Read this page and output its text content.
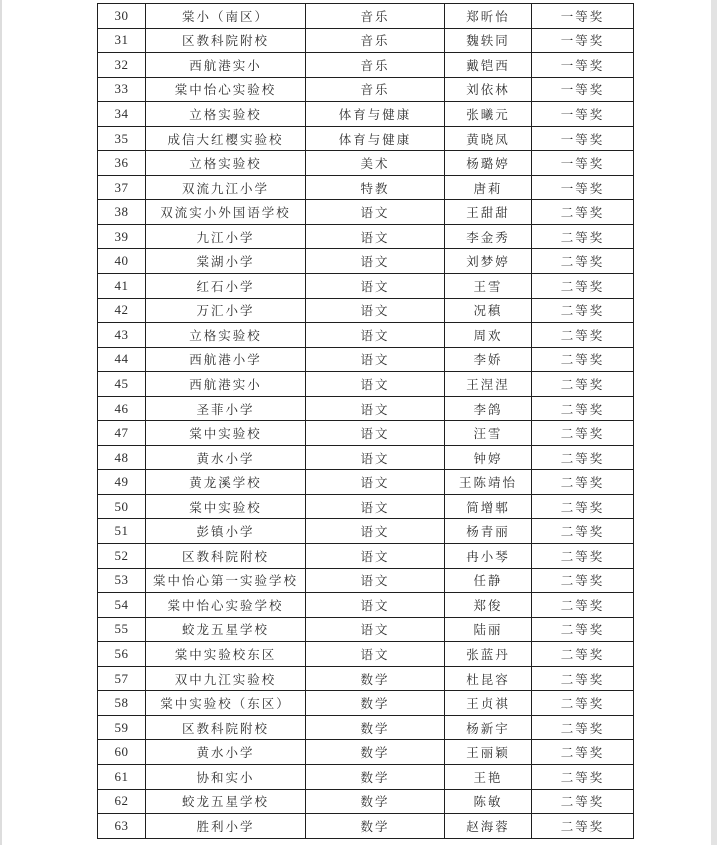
30	棠小（南区）	音乐	郑昕怡	一等奖
31	区教科院附校	音乐	魏轶同	一等奖
32	西航港实小	音乐	戴铠西	一等奖
33	棠中怡心实验校	音乐	刘依林	一等奖
34	立格实验校	体育与健康	张曦元	一等奖
35	成信大红樱实验校	体育与健康	黄晓凤	一等奖
36	立格实验校	美术	杨璐婷	一等奖
37	双流九江小学	特教	唐莉	一等奖
38	双流实小外国语学校	语文	王甜甜	二等奖
39	九江小学	语文	李金秀	二等奖
40	棠湖小学	语文	刘梦婷	二等奖
41	红石小学	语文	王雪	二等奖
42	万汇小学	语文	况稹	二等奖
43	立格实验校	语文	周欢	二等奖
44	西航港小学	语文	李娇	二等奖
45	西航港实小	语文	王涅涅	二等奖
46	圣菲小学	语文	李鸽	二等奖
47	棠中实验校	语文	汪雪	二等奖
48	黄水小学	语文	钟婷	二等奖
49	黄龙溪学校	语文	王陈靖怡	二等奖
50	棠中实验校	语文	简增郫	二等奖
51	彭镇小学	语文	杨青丽	二等奖
52	区教科院附校	语文	冉小琴	二等奖
53	棠中怡心第一实验学校	语文	任静	二等奖
54	棠中怡心实验学校	语文	郑俊	二等奖
55	蛟龙五星学校	语文	陆丽	二等奖
56	棠中实验校东区	语文	张蓝丹	二等奖
57	双中九江实验校	数学	杜昆容	二等奖
58	棠中实验校（东区）	数学	王贞祺	二等奖
59	区教科院附校	数学	杨新宇	二等奖
60	黄水小学	数学	王丽颖	二等奖
61	协和实小	数学	王艳	二等奖
62	蛟龙五星学校	数学	陈敏	二等奖
63	胜利小学	数学	赵海蓉	二等奖
